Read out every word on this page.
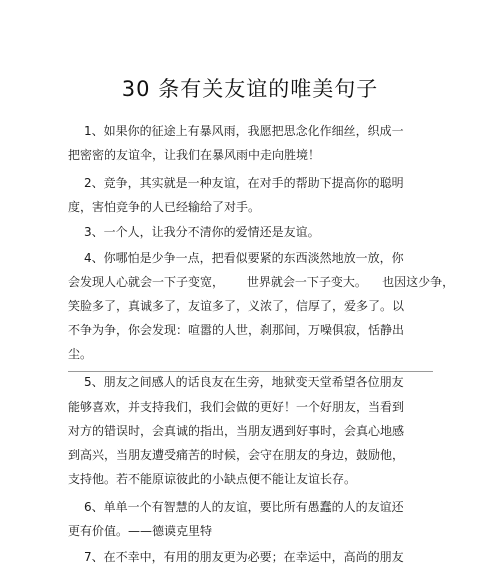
30 条有关友谊的唯美句子
1、如果你的征途上有暴风雨，我愿把思念化作细丝，织成一
把密密的友谊伞，让我们在暴风雨中走向胜境！
2、竞争，其实就是一种友谊，在对手的帮助下提高你的聪明
度，害怕竞争的人已经输给了对手。
3、一个人，让我分不清你的爱情还是友谊。
4、你哪怕是少争一点，把看似要紧的东西淡然地放一放，你
会发现人心就会一下子变宽，      世界就会一下子变大。    也因这少争，
笑脸多了，真诚多了，友谊多了，义浓了，信厚了，爱多了。以
不争为争，你会发现：喧嚣的人世，刹那间，万噪俱寂，恬静出
尘。
5、朋友之间感人的话良友在生旁，地狱变天堂希望各位朋友
能够喜欢，并支持我们，我们会做的更好！一个好朋友，当看到
对方的错误时，会真诚的指出，当朋友遇到好事时，会真心地感
到高兴，当朋友遭受痛苦的时候，会守在朋友的身边，鼓励他，
支持他。若不能原谅彼此的小缺点便不能让友谊长存。
6、单单一个有智慧的人的友谊，要比所有愚蠢的人的友谊还
更有价值。——德谟克里特
7、在不幸中，有用的朋友更为必要；在幸运中，高尚的朋友
